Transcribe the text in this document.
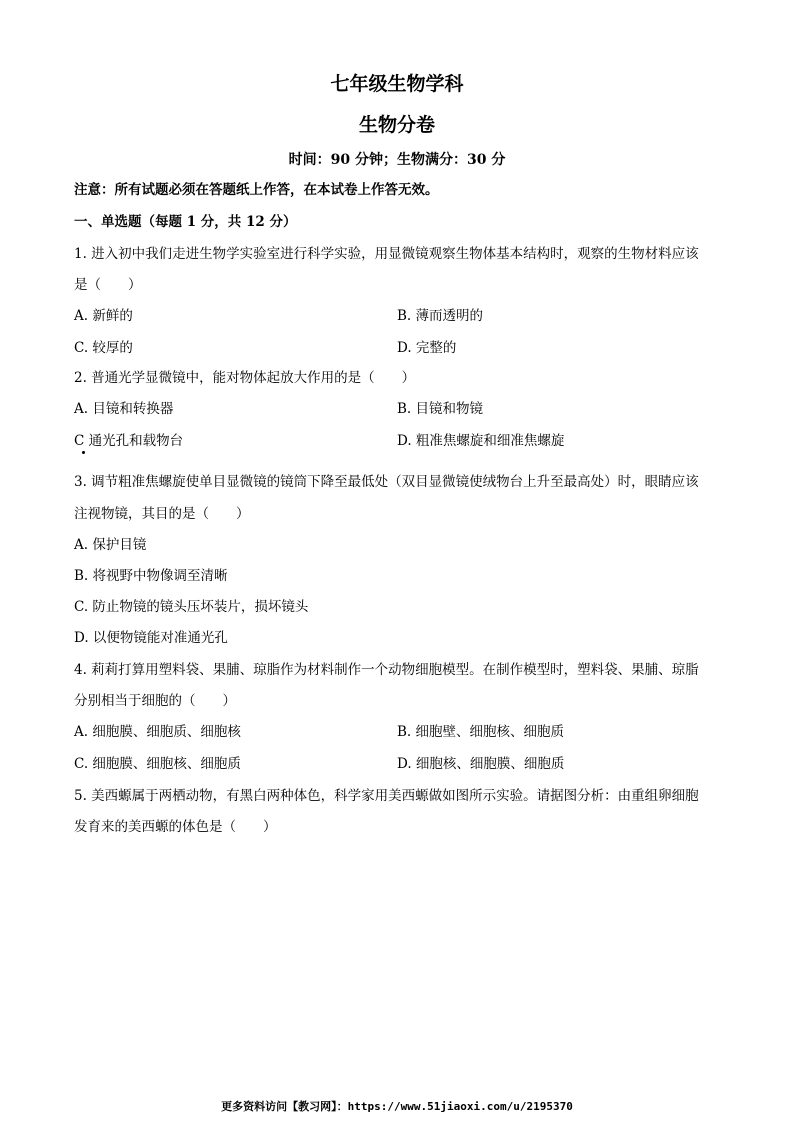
七年级生物学科
生物分卷
时间：90 分钟；生物满分：30 分
注意：所有试题必须在答题纸上作答，在本试卷上作答无效。
一、单选题（每题 1 分，共 12 分）
1. 进入初中我们走进生物学实验室进行科学实验，用显微镜观察生物体基本结构时，观察的生物材料应该
是（　　）
A. 新鲜的	B. 薄而透明的
C. 较厚的	D. 完整的
2. 普通光学显微镜中，能对物体起放大作用的是（　　）
A. 目镜和转换器	B. 目镜和物镜
C 通光孔和载物台	D. 粗准焦螺旋和细准焦螺旋
3. 调节粗准焦螺旋使单目显微镜的镜筒下降至最低处（双目显微镜使绒物台上升至最高处）时，眼睛应该
注视物镜，其目的是（　　）
A. 保护目镜
B. 将视野中物像调至清晰
C. 防止物镜的镜头压坏装片，损坏镜头
D. 以便物镜能对准通光孔
4. 莉莉打算用塑料袋、果脯、琼脂作为材料制作一个动物细胞模型。在制作模型时，塑料袋、果脯、琼脂
分别相当于细胞的（　　）
A. 细胞膜、细胞质、细胞核	B. 细胞壁、细胞核、细胞质
C. 细胞膜、细胞核、细胞质	D. 细胞核、细胞膜、细胞质
5. 美西螈属于两栖动物，有黑白两种体色，科学家用美西螈做如图所示实验。请据图分析：由重组卵细胞
发育来的美西螈的体色是（　　）
更多资料访问【教习网】：https://www.51jiaoxi.com/u/2195370
